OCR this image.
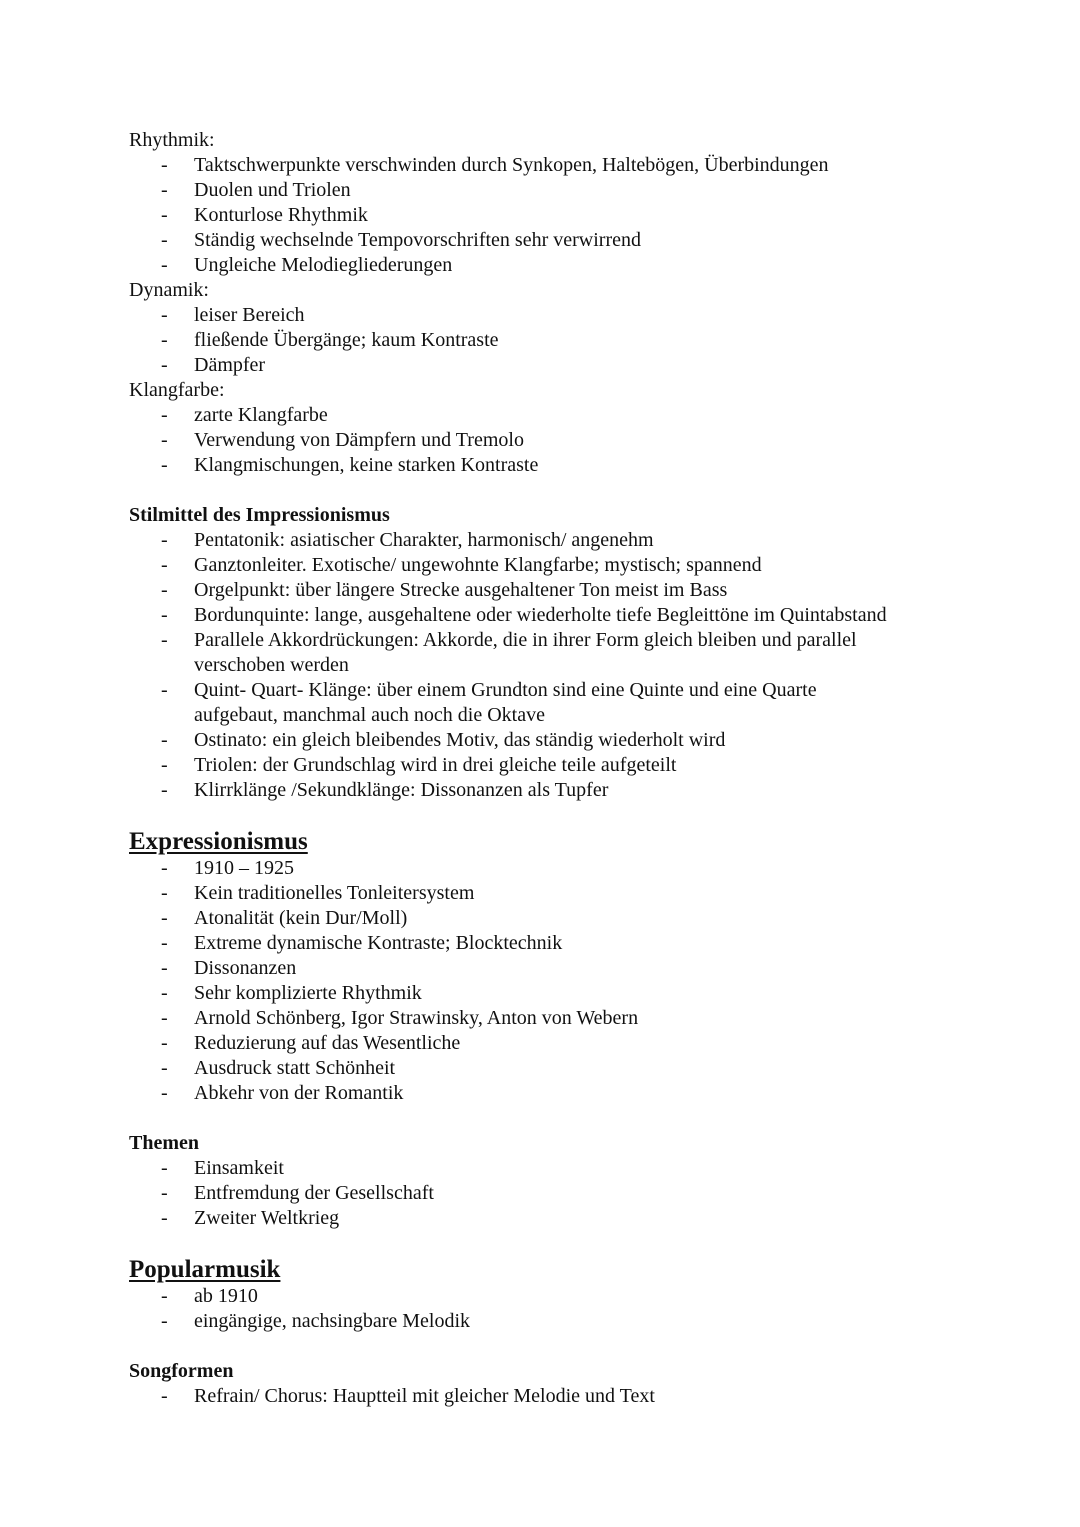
Rhythmik:
- Taktschwerpunkte verschwinden durch Synkopen, Haltebögen, Überbindungen
- Duolen und Triolen
- Konturlose Rhythmik
- Ständig wechselnde Tempovorschriften sehr verwirrend
- Ungleiche Melodiegliederungen
Dynamik:
- leiser Bereich
- fließende Übergänge; kaum Kontraste
- Dämpfer
Klangfarbe:
- zarte Klangfarbe
- Verwendung von Dämpfern und Tremolo
- Klangmischungen, keine starken Kontraste
Stilmittel des Impressionismus
- Pentatonik: asiatischer Charakter, harmonisch/ angenehm
- Ganztonleiter. Exotische/ ungewohnte Klangfarbe; mystisch; spannend
- Orgelpunkt: über längere Strecke ausgehaltener Ton meist im Bass
- Bordunquinte: lange, ausgehaltene oder wiederholte tiefe Begleittöne im Quintabstand
- Parallele Akkordrückungen: Akkorde, die in ihrer Form gleich bleiben und parallel verschoben werden
- Quint- Quart- Klänge: über einem Grundton sind eine Quinte und eine Quarte aufgebaut, manchmal auch noch die Oktave
- Ostinato: ein gleich bleibendes Motiv, das ständig wiederholt wird
- Triolen: der Grundschlag wird in drei gleiche teile aufgeteilt
- Klirrklänge /Sekundklänge: Dissonanzen als Tupfer
Expressionismus
- 1910 – 1925
- Kein traditionelles Tonleitersystem
- Atonalität (kein Dur/Moll)
- Extreme dynamische Kontraste; Blocktechnik
- Dissonanzen
- Sehr komplizierte Rhythmik
- Arnold Schönberg, Igor Strawinsky, Anton von Webern
- Reduzierung auf das Wesentliche
- Ausdruck statt Schönheit
- Abkehr von der Romantik
Themen
- Einsamkeit
- Entfremdung der Gesellschaft
- Zweiter Weltkrieg
Popularmusik
- ab 1910
- eingängige, nachsingbare Melodik
Songformen
- Refrain/ Chorus: Hauptteil mit gleicher Melodie und Text
